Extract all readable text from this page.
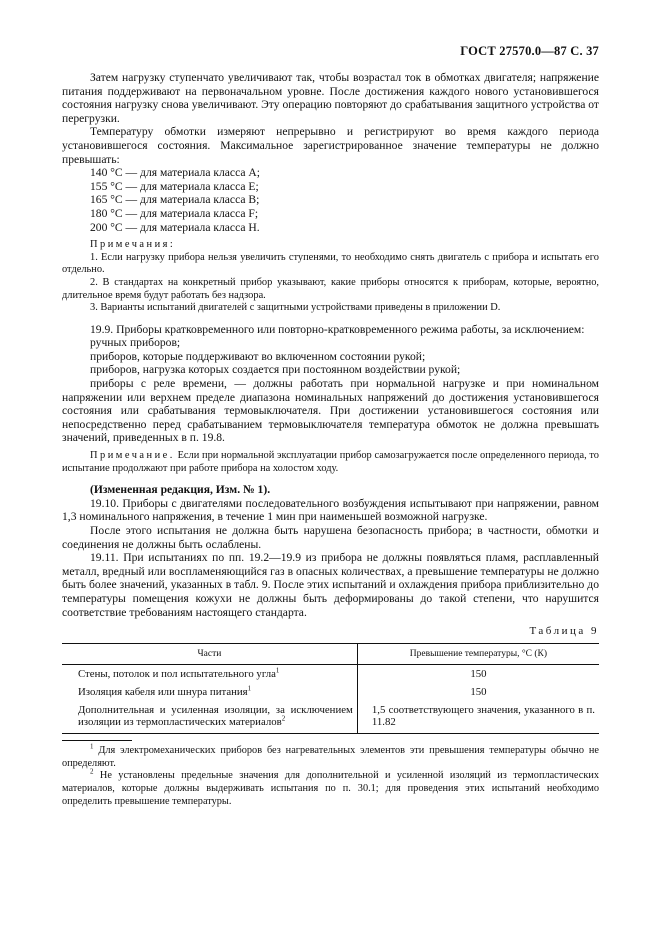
ГОСТ 27570.0—87 С. 37

Затем нагрузку ступенчато увеличивают так, чтобы возрастал ток в обмотках двигателя; напряжение питания поддерживают на первоначальном уровне. После достижения каждого нового установившегося состояния нагрузку снова увеличивают. Эту операцию повторяют до срабатывания защитного устройства от перегрузки.

Температуру обмотки измеряют непрерывно и регистрируют во время каждого периода установившегося состояния. Максимальное зарегистрированное значение температуры не должно превышать:

140 °С — для материала класса А;

155 °С — для материала класса Е;

165 °С — для материала класса В;

180 °С — для материала класса F;

200 °С — для материала класса Н.

Примечания:

1. Если нагрузку прибора нельзя увеличить ступенями, то необходимо снять двигатель с прибора и испытать его отдельно.

2. В стандартах на конкретный прибор указывают, какие приборы относятся к приборам, которые, вероятно, длительное время будут работать без надзора.

3. Варианты испытаний двигателей с защитными устройствами приведены в приложении D.

19.9. Приборы кратковременного или повторно-кратковременного режима работы, за исключением:

ручных приборов;

приборов, которые поддерживают во включенном состоянии рукой;

приборов, нагрузка которых создается при постоянном воздействии рукой;

приборы с реле времени, — должны работать при нормальной нагрузке и при номинальном напряжении или верхнем пределе диапазона номинальных напряжений до достижения установившегося состояния или срабатывания термовыключателя. При достижении установившегося состояния или непосредственно перед срабатыванием термовыключателя температура обмоток не должна превышать значений, приведенных в п. 19.8.

Примечание. Если при нормальной эксплуатации прибор самозагружается после определенного периода, то испытание продолжают при работе прибора на холостом ходу.

(Измененная редакция, Изм. № 1).

19.10. Приборы с двигателями последовательного возбуждения испытывают при напряжении, равном 1,3 номинального напряжения, в течение 1 мин при наименьшей возможной нагрузке.

После этого испытания не должна быть нарушена безопасность прибора; в частности, обмотки и соединения не должны быть ослаблены.

19.11. При испытаниях по пп. 19.2—19.9 из прибора не должны появляться пламя, расплавленный металл, вредный или воспламеняющийся газ в опасных количествах, а превышение температуры не должно быть более значений, указанных в табл. 9. После этих испытаний и охлаждения прибора приблизительно до температуры помещения кожухи не должны быть деформированы до такой степени, что нарушится соответствие требованиям настоящего стандарта.

Таблица 9
Части	Превышение температуры, °С (К)
Стены, потолок и пол испытательного угла$^1$	150
Изоляция кабеля или шнура питания$^1$	150
Дополнительная и усиленная изоляции, за исключением изоляции из термопластических материалов$^2$	1,5 соответствующего значения, указанного в п. 11.82

$^1$ Для электромеханических приборов без нагревательных элементов эти превышения температуры обычно не определяют.

$^2$ Не установлены предельные значения для дополнительной и усиленной изоляций из термопластических материалов, которые должны выдерживать испытания по п. 30.1; для проведения этих испытаний необходимо определить превышение температуры.
